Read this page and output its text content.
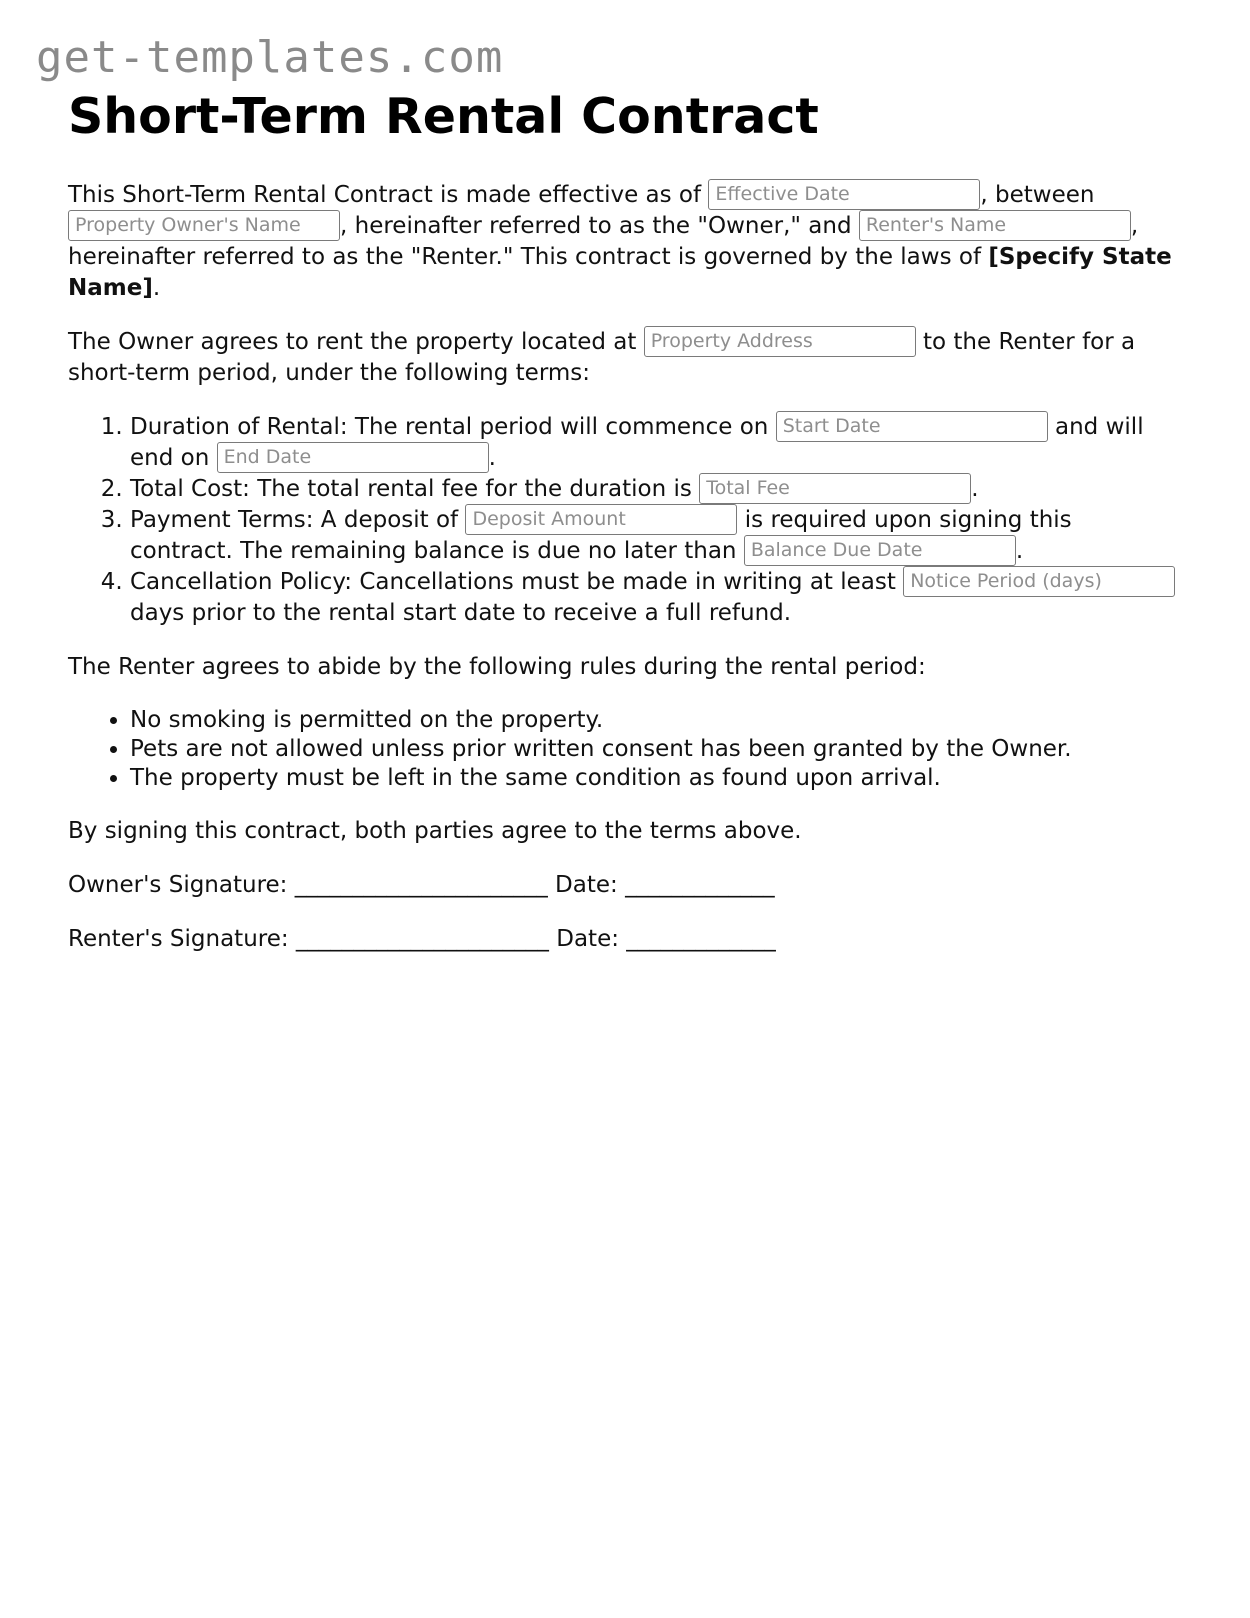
get-templates.com
Short-Term Rental Contract

This Short-Term Rental Contract is made effective as of Effective Date	, between Property Owner's Name, hereinafter referred to as the "Owner," and Renter's Name	, hereinafter referred to as the "Renter." This contract is governed by the laws of [Specify State Name].

The Owner agrees to rent the property located at Property Address	to the Renter for a short-term period, under the following terms:

1. Duration of Rental: The rental period will commence on Start Date	and will end on End Date	.
2. Total Cost: The total rental fee for the duration is Total Fee	.
3. Payment Terms: A deposit of Deposit Amount	is required upon signing this contract. The remaining balance is due no later than Balance Due Date	.
4. Cancellation Policy: Cancellations must be made in writing at least Notice Period (days) days prior to the rental start date to receive a full refund.

The Renter agrees to abide by the following rules during the rental period:

• No smoking is permitted on the property.
• Pets are not allowed unless prior written consent has been granted by the Owner.
• The property must be left in the same condition as found upon arrival.

By signing this contract, both parties agree to the terms above.

Owner's Signature: ______________________ Date: _____________

Renter's Signature: ______________________ Date: _____________
